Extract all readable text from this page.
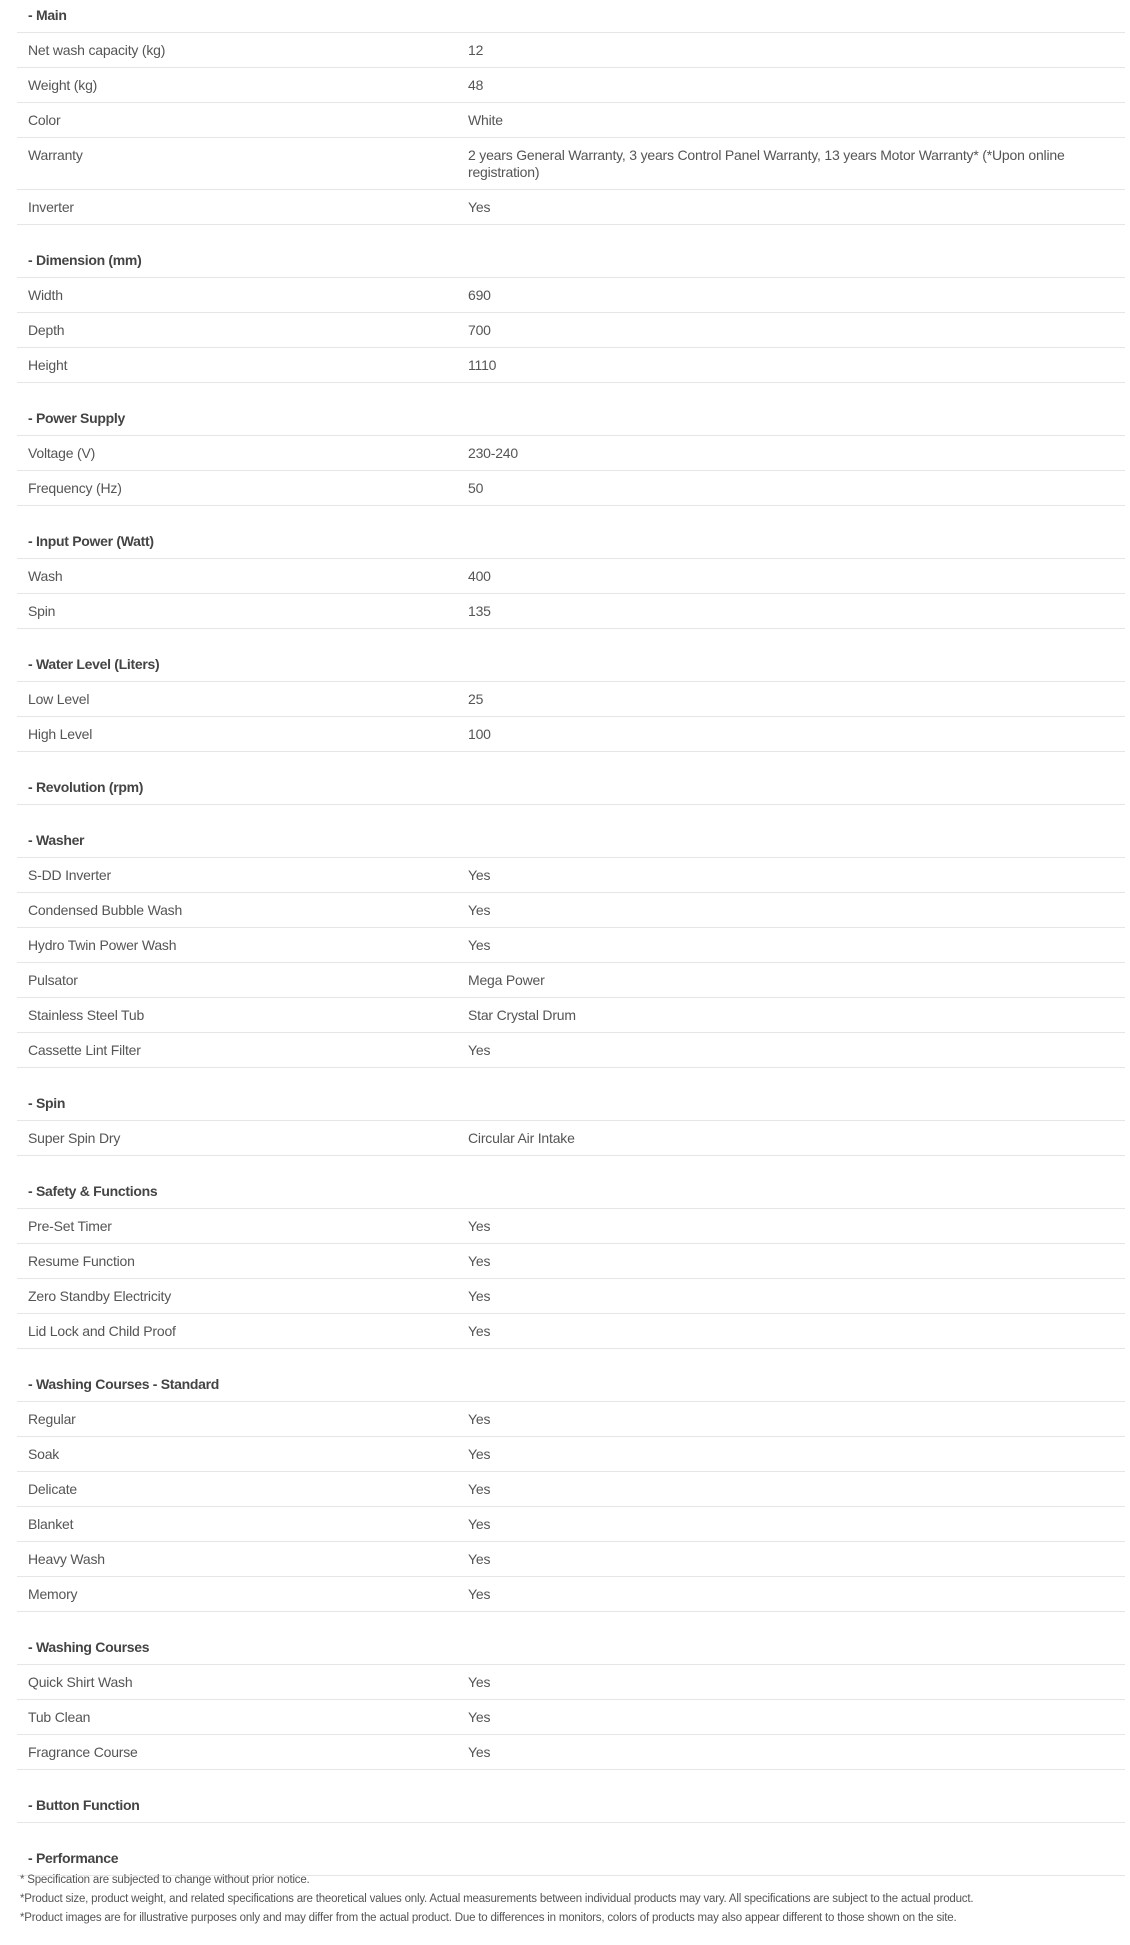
- Main
Net wash capacity (kg)	12
Weight (kg)	48
Color	White
Warranty	2 years General Warranty, 3 years Control Panel Warranty, 13 years Motor Warranty* (*Upon online registration)
Inverter	Yes
- Dimension (mm)
Width	690
Depth	700
Height	1110
- Power Supply
Voltage (V)	230-240
Frequency (Hz)	50
- Input Power (Watt)
Wash	400
Spin	135
- Water Level (Liters)
Low Level	25
High Level	100
- Revolution (rpm)
- Washer
S-DD Inverter	Yes
Condensed Bubble Wash	Yes
Hydro Twin Power Wash	Yes
Pulsator	Mega Power
Stainless Steel Tub	Star Crystal Drum
Cassette Lint Filter	Yes
- Spin
Super Spin Dry	Circular Air Intake
- Safety & Functions
Pre-Set Timer	Yes
Resume Function	Yes
Zero Standby Electricity	Yes
Lid Lock and Child Proof	Yes
- Washing Courses - Standard
Regular	Yes
Soak	Yes
Delicate	Yes
Blanket	Yes
Heavy Wash	Yes
Memory	Yes
- Washing Courses
Quick Shirt Wash	Yes
Tub Clean	Yes
Fragrance Course	Yes
- Button Function
- Performance

* Specification are subjected to change without prior notice.

*Product size, product weight, and related specifications are theoretical values only. Actual measurements between individual products may vary. All specifications are subject to the actual product.

*Product images are for illustrative purposes only and may differ from the actual product. Due to differences in monitors, colors of products may also appear different to those shown on the site.
